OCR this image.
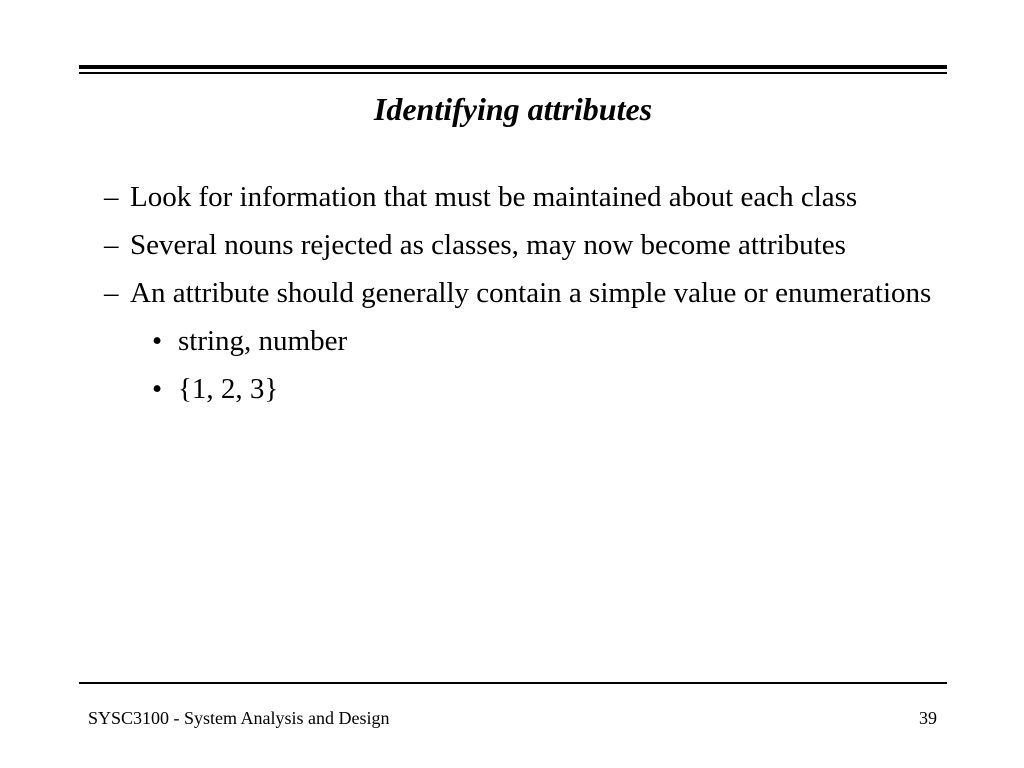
Identifying attributes
– Look for information that must be maintained about each class
– Several nouns rejected as classes, may now become attributes
– An attribute should generally contain a simple value or enumerations
• string, number
• {1, 2, 3}
SYSC3100 - System Analysis and Design	39
